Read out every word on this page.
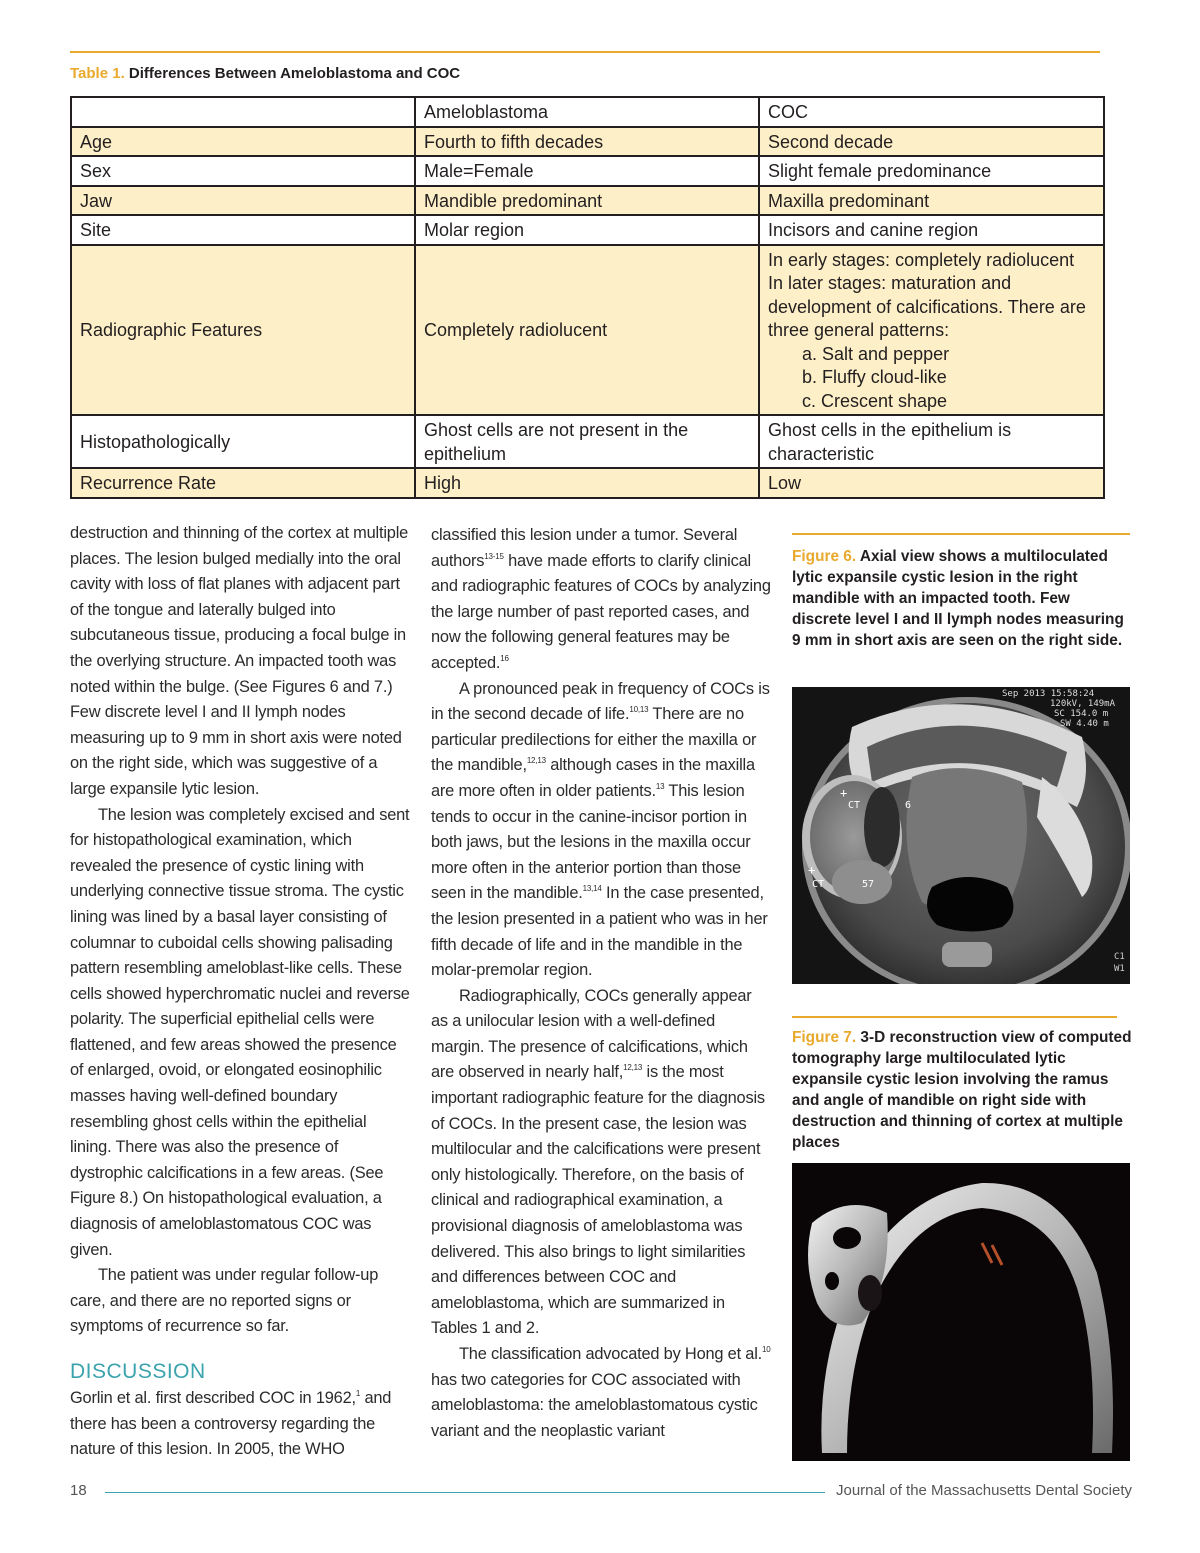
Table 1. Differences Between Ameloblastoma and COC
	Ameloblastoma	COC
Age	Fourth to fifth decades	Second decade
Sex	Male=Female	Slight female predominance
Jaw	Mandible predominant	Maxilla predominant
Site	Molar region	Incisors and canine region
Radiographic Features	Completely radiolucent	In early stages: completely radiolucent
In later stages: maturation and development of calcifications. There are three general patterns:
a. Salt and pepper
b. Fluffy cloud-like
c. Crescent shape

Histopathologically	Ghost cells are not present in the epithelium	Ghost cells in the epithelium is characteristic
Recurrence Rate	High	Low

destruction and thinning of the cortex at multiple places. The lesion bulged medially into the oral cavity with loss of flat planes with adjacent part of the tongue and laterally bulged into subcutaneous tissue, producing a focal bulge in the overlying structure. An impacted tooth was noted within the bulge. (See Figures 6 and 7.) Few discrete level I and II lymph nodes measuring up to 9 mm in short axis were noted on the right side, which was suggestive of a large expansile lytic lesion.

The lesion was completely excised and sent for histopathological examination, which revealed the presence of cystic lining with underlying connective tissue stroma. The cystic lining was lined by a basal layer consisting of columnar to cuboidal cells showing palisading pattern resembling ameloblast-like cells. These cells showed hyperchromatic nuclei and reverse polarity. The superficial epithelial cells were flattened, and few areas showed the presence of enlarged, ovoid, or elongated eosinophilic masses having well-defined boundary resembling ghost cells within the epithelial lining. There was also the presence of dystrophic calcifications in a few areas. (See Figure 8.) On histopathological evaluation, a diagnosis of ameloblastomatous COC was given.

The patient was under regular follow-up care, and there are no reported signs or symptoms of recurrence so far.

DISCUSSION

Gorlin et al. first described COC in 1962,$^1$ and there has been a controversy regarding the nature of this lesion. In 2005, the WHO

classified this lesion under a tumor. Several authors$^{13-15}$ have made efforts to clarify clinical and radiographic features of COCs by analyzing the large number of past reported cases, and now the following general features may be accepted.$^{16}$

A pronounced peak in frequency of COCs is in the second decade of life.$^{10,13}$ There are no particular predilections for either the maxilla or the mandible,$^{12,13}$ although cases in the maxilla are more often in older patients.$^{13}$ This lesion tends to occur in the canine-incisor portion in both jaws, but the lesions in the maxilla occur more often in the anterior portion than those seen in the mandible.$^{13,14}$ In the case presented, the lesion presented in a patient who was in her fifth decade of life and in the mandible in the molar-premolar region.

Radiographically, COCs generally appear as a unilocular lesion with a well-defined margin. The presence of calcifications, which are observed in nearly half,$^{12,13}$ is the most important radiographic feature for the diagnosis of COCs. In the present case, the lesion was multilocular and the calcifications were present only histologically. Therefore, on the basis of clinical and radiographical examination, a provisional diagnosis of ameloblastoma was delivered. This also brings to light similarities and differences between COC and ameloblastoma, which are summarized in Tables 1 and 2.

The classification advocated by Hong et al.$^{10}$ has two categories for COC associated with ameloblastoma: the ameloblastomatous cystic variant and the neoplastic variant

Figure 6. Axial view shows a multiloculated lytic expansile cystic lesion in the right mandible with an impacted tooth. Few discrete level I and II lymph nodes measuring 9 mm in short axis are seen on the right side.
Sep 2013 15:58:24
120kV, 149mA
SC 154.0 m
SW 4.40 m
+
CT	6
+
CT	57
C1
W1
Figure 7. 3-D reconstruction view of computed tomography large multiloculated lytic expansile cystic lesion involving the ramus and angle of mandible on right side with destruction and thinning of cortex at multiple places
18	Journal of the Massachusetts Dental Society
